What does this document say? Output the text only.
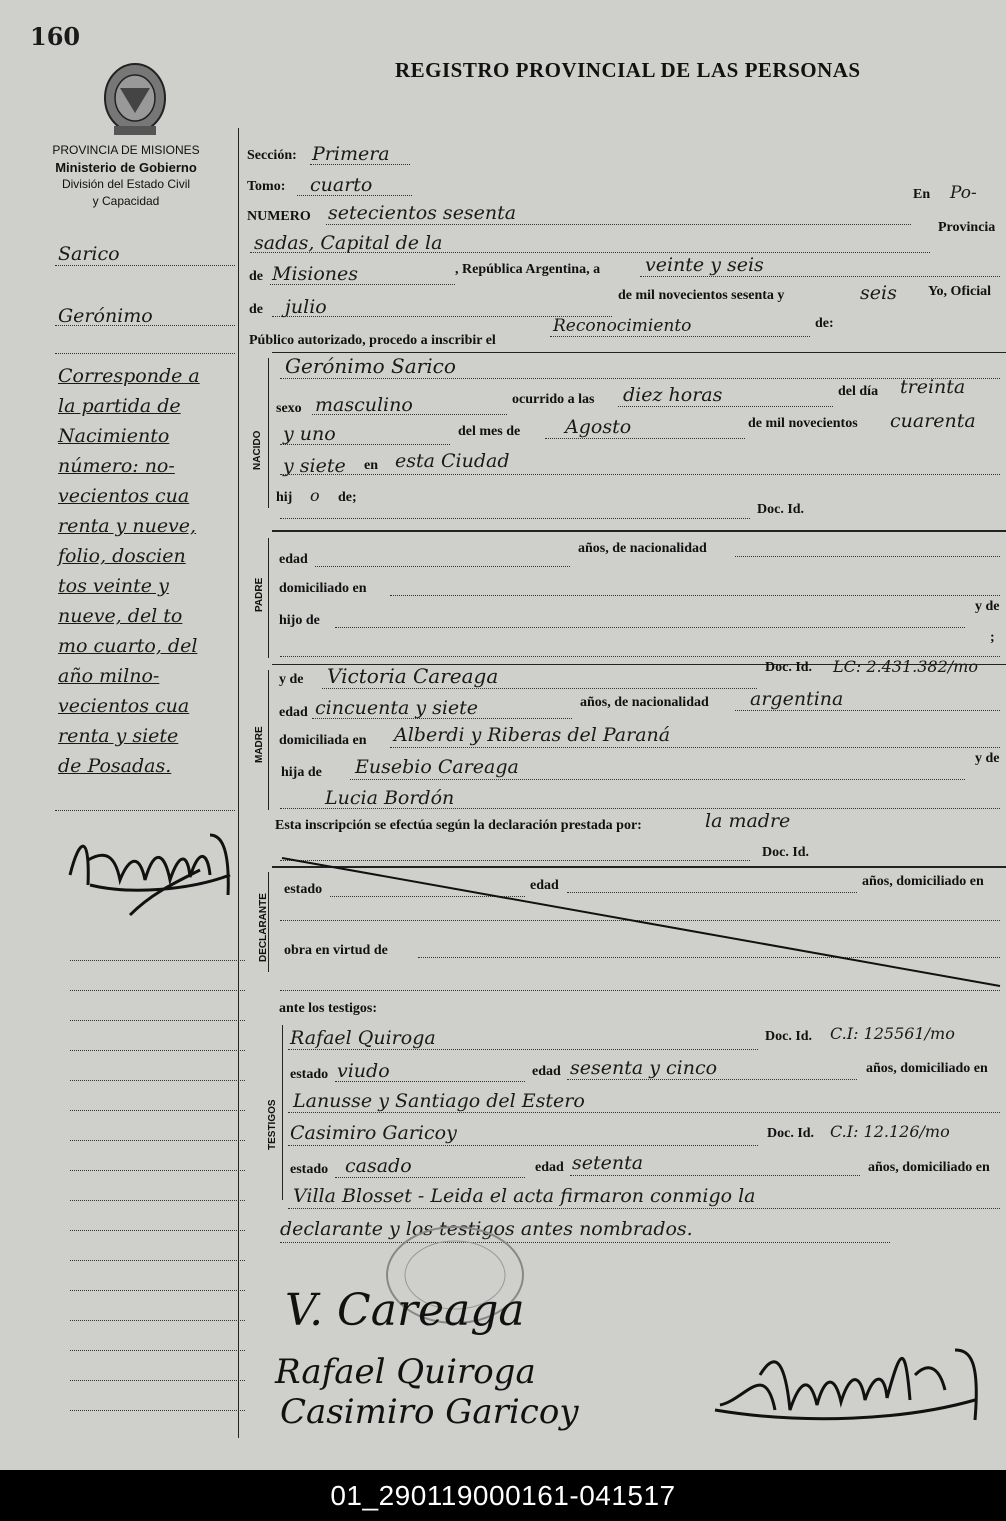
160
REGISTRO PROVINCIAL DE LAS PERSONAS
PROVINCIA DE MISIONES
Ministerio de Gobierno
División del Estado Civil
y Capacidad
Sarico
Gerónimo
Corresponde a
la partida de
Nacimiento
número: no-
vecientos cua
renta y nueve,
folio, doscien
tos veinte y
nueve, del to
mo cuarto, del
año milno-
vecientos cua
renta y siete
de Posadas.
Sección: Primera
Tomo: cuarto
NUMERO setecientos sesenta
En Po-
sadas, Capital de la
Provincia
de Misiones	, República Argentina, a veinte y seis
de julio
de mil novecientos sesenta y	seis Yo, Oficial
Público autorizado, procedo a inscribir el
Reconocimiento	de:
NACIDO
Gerónimo Sarico
sexo masculino	ocurrido a las diez horas	del día treinta
y uno	del mes de Agosto	de mil novecientos cuarenta
y siete en esta Ciudad
hij o de;
Doc. Id.
PADRE
edad
años, de nacionalidad
domiciliado en
hijo de
y de
;
MADRE
y de Victoria Careaga	Doc. Id. LC: 2.431.382/mo
edad cincuenta y siete	años, de nacionalidad argentina
domiciliada en Alberdi y Riberas del Paraná
hija de Eusebio Careaga	y de
Lucia Bordón
Esta inscripción se efectúa según la declaración prestada por:	la madre
Doc. Id.
DECLARANTE
estado	edad	años, domiciliado en
obra en virtud de
ante los testigos:
TESTIGOS
Rafael Quiroga	Doc. Id. C.I: 125561/mo
estado viudo	edad sesenta y cinco	años, domiciliado en
Lanusse y Santiago del Estero
Casimiro Garicoy	Doc. Id. C.I: 12.126/mo
estado casado	edad setenta	años, domiciliado en
Villa Blosset - Leida el acta firmaron conmigo la
declarante y los testigos antes nombrados.
V. Careaga
Rafael Quiroga
Casimiro Garicoy
01_290119000161-041517
